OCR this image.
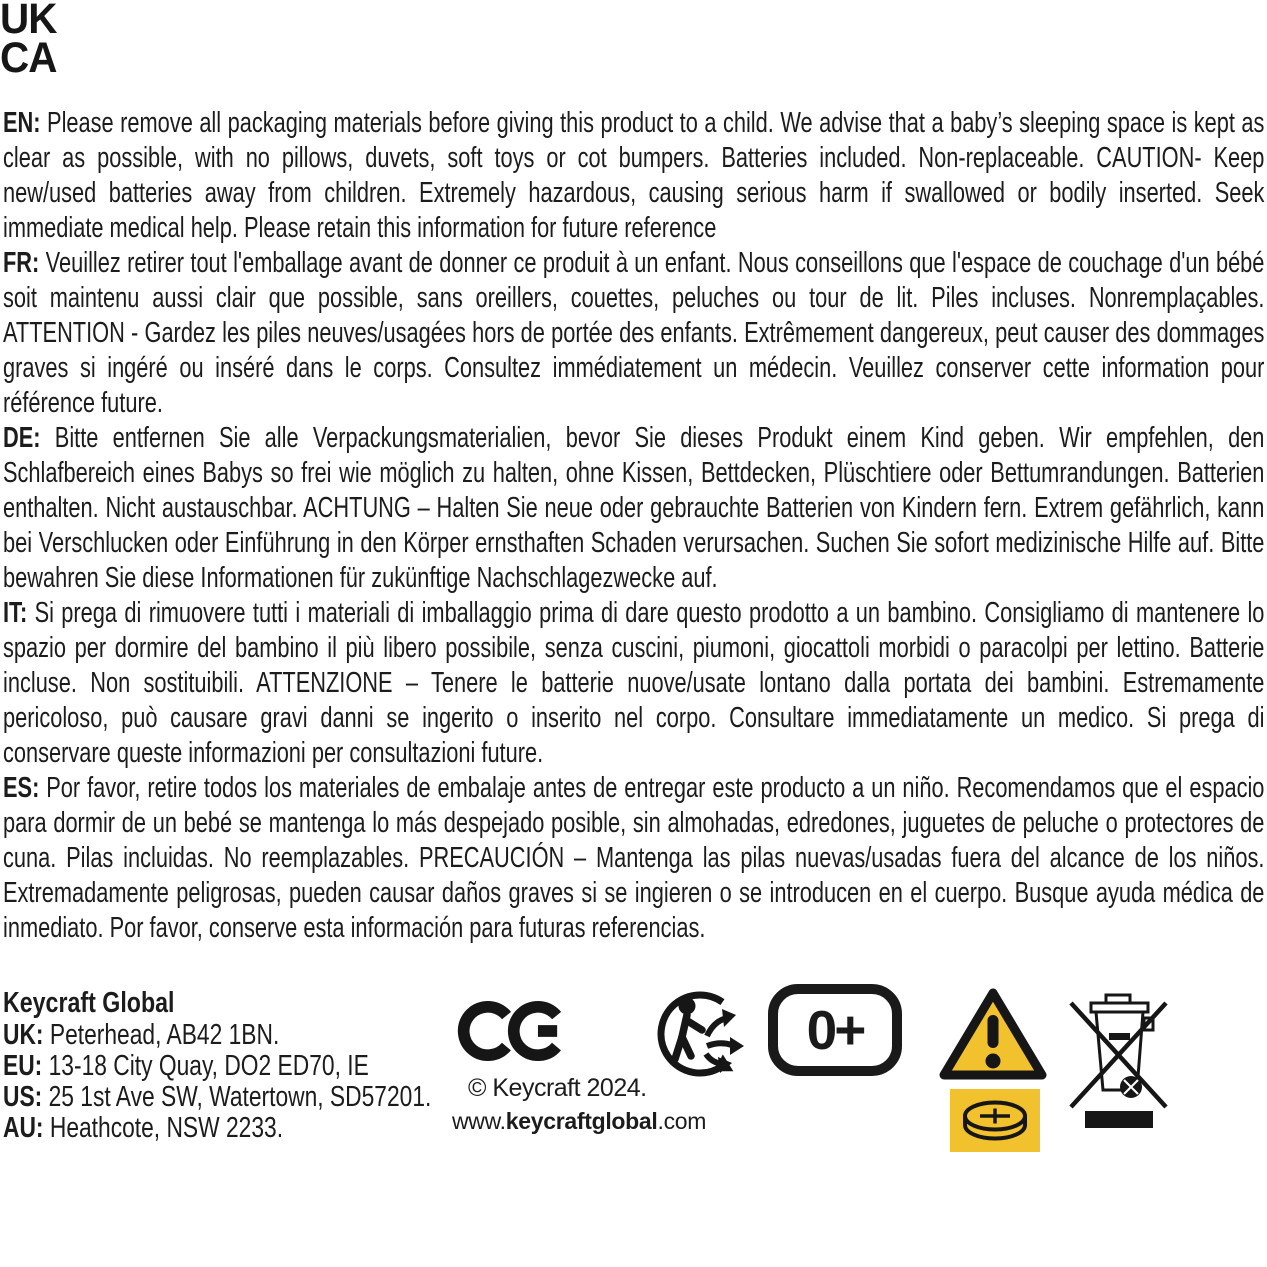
EN: Please remove all packaging materials before giving this product to a child. We advise that a baby’s sleeping space is kept as clear as possible, with no pillows, duvets, soft toys or cot bumpers. Batteries included. Non-replaceable. CAUTION- Keep new/used batteries away from children. Extremely hazardous, causing serious harm if swallowed or bodily inserted. Seek immediate medical help. Please retain this information for future reference

FR: Veuillez retirer tout l'emballage avant de donner ce produit à un enfant. Nous conseillons que l'espace de couchage d'un bébé soit maintenu aussi clair que possible, sans oreillers, couettes, peluches ou tour de lit. Piles incluses. Nonremplaçables. ATTENTION - Gardez les piles neuves/usagées hors de portée des enfants. Extrêmement dangereux, peut causer des dommages graves si ingéré ou inséré dans le corps. Consultez immédiatement un médecin. Veuillez conserver cette information pour référence future.

DE: Bitte entfernen Sie alle Verpackungsmaterialien, bevor Sie dieses Produkt einem Kind geben. Wir empfehlen, den Schlafbereich eines Babys so frei wie möglich zu halten, ohne Kissen, Bettdecken, Plüschtiere oder Bettumrandungen. Batterien enthalten. Nicht austauschbar. ACHTUNG – Halten Sie neue oder gebrauchte Batterien von Kindern fern. Extrem gefährlich, kann bei Verschlucken oder Einführung in den Körper ernsthaften Schaden verursachen. Suchen Sie sofort medizinische Hilfe auf. Bitte bewahren Sie diese Informationen für zukünftige Nachschlagezwecke auf.

IT: Si prega di rimuovere tutti i materiali di imballaggio prima di dare questo prodotto a un bambino. Consigliamo di mantenere lo spazio per dormire del bambino il più libero possibile, senza cuscini, piumoni, giocattoli morbidi o paracolpi per lettino. Batterie incluse. Non sostituibili. ATTENZIONE – Tenere le batterie nuove/usate lontano dalla portata dei bambini. Estremamente pericoloso, può causare gravi danni se ingerito o inserito nel corpo. Consultare immediatamente un medico. Si prega di conservare queste informazioni per consultazioni future.

ES: Por favor, retire todos los materiales de embalaje antes de entregar este producto a un niño. Recomendamos que el espacio para dormir de un bebé se mantenga lo más despejado posible, sin almohadas, edredones, juguetes de peluche o protectores de cuna. Pilas incluidas. No reemplazables. PRECAUCIÓN – Mantenga las pilas nuevas/usadas fuera del alcance de los niños. Extremadamente peligrosas, pueden causar daños graves si se ingieren o se introducen en el cuerpo. Busque ayuda médica de inmediato. Por favor, conserve esta información para futuras referencias.

Keycraft Global

UK: Peterhead, AB42 1BN.

EU: 13-18 City Quay, DO2 ED70, IE

US: 25 1st Ave SW, Watertown, SD57201.

AU: Heathcote, NSW 2233.

UK
CA
0+

© Keycraft 2024.

www.keycraftglobal.com
